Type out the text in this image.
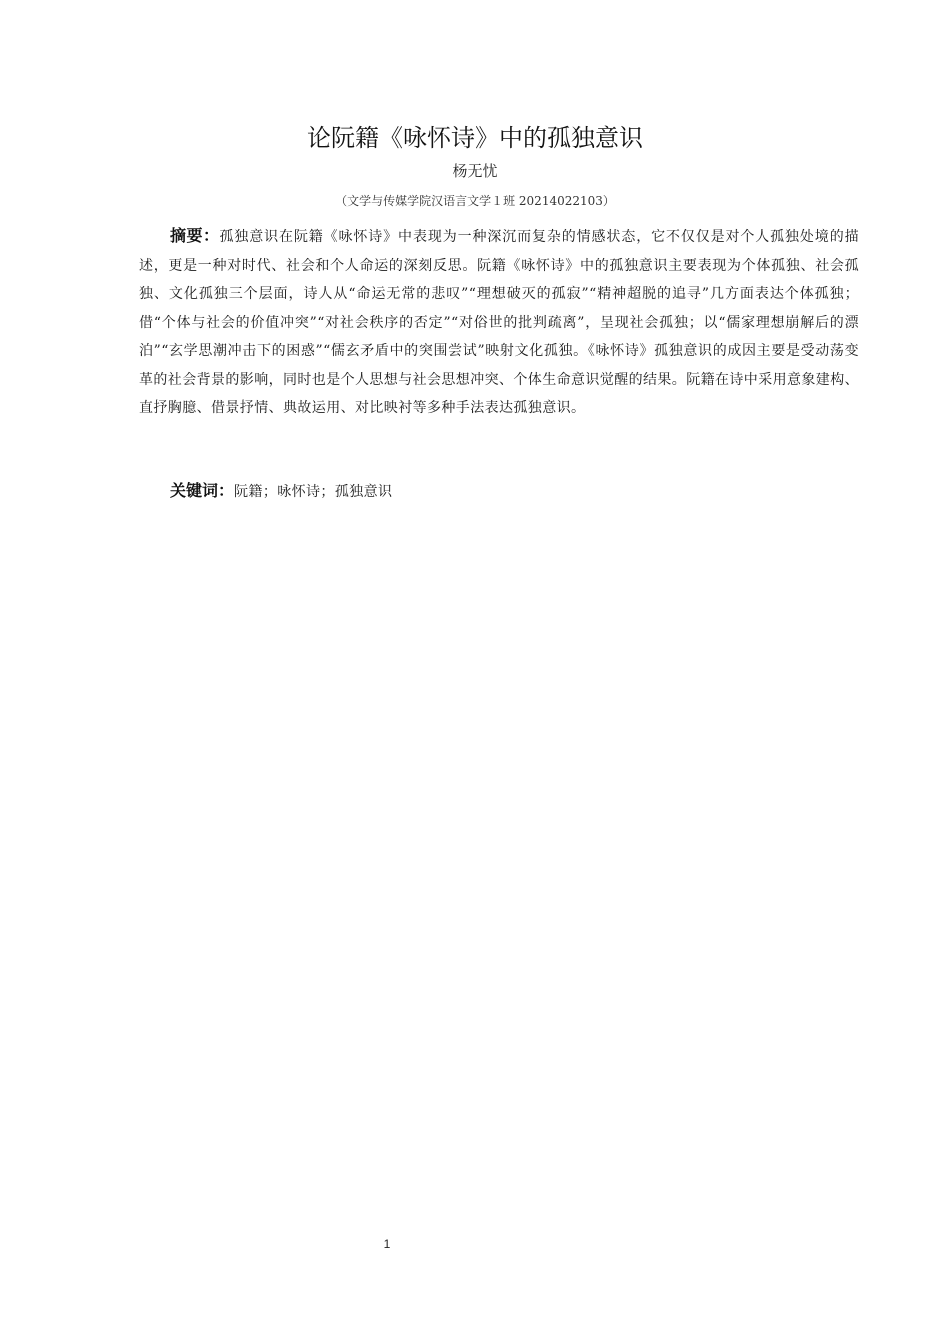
论阮籍《咏怀诗》中的孤独意识
杨无忧
（文学与传媒学院汉语言文学１班 20214022103）

摘要：孤独意识在阮籍《咏怀诗》中表现为一种深沉而复杂的情感状态，它不仅仅是对个人孤独处境的描述，更是一种对时代、社会和个人命运的深刻反思。阮籍《咏怀诗》中的孤独意识主要表现为个体孤独、社会孤独、文化孤独三个层面，诗人从“命运无常的悲叹”“理想破灭的孤寂”“精神超脱的追寻”几方面表达个体孤独；借“个体与社会的价值冲突”“对社会秩序的否定”“对俗世的批判疏离”，呈现社会孤独；以“儒家理想崩解后的漂泊”“玄学思潮冲击下的困惑”“儒玄矛盾中的突围尝试”映射文化孤独。《咏怀诗》孤独意识的成因主要是受动荡变革的社会背景的影响，同时也是个人思想与社会思想冲突、个体生命意识觉醒的结果。阮籍在诗中采用意象建构、直抒胸臆、借景抒情、典故运用、对比映衬等多种手法表达孤独意识。

关键词：阮籍；咏怀诗；孤独意识

1
